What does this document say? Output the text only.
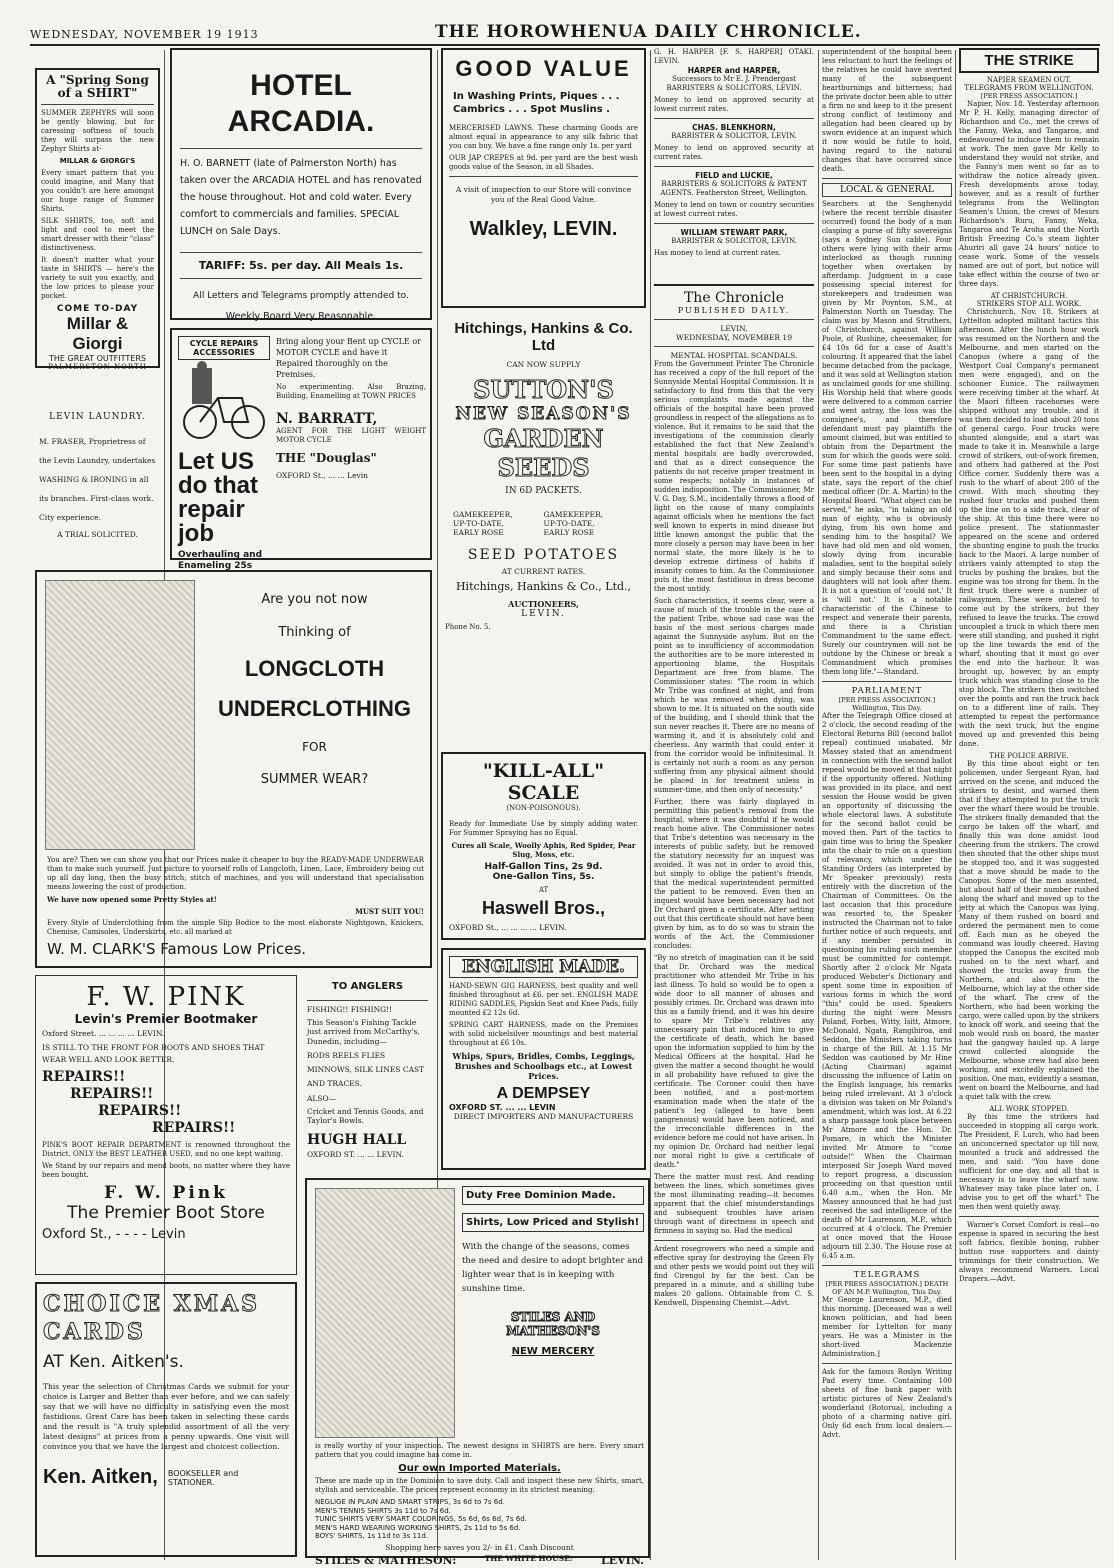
WEDNESDAY, NOVEMBER 19 1913	THE HOROWHENUA DAILY CHRONICLE.
A "Spring Song of a SHIRT"

SUMMER ZEPHYRS will soon be gently blowing, but for caressing softness of touch they will surpass the new Zephyr Shirts at-

MILLAR & GIORGI'S

Every smart pattern that you could imagine, and Many that you couldn't are here amongst our huge range of Summer Shirts.

SILK SHIRTS, too, soft and light and cool to meet the smart dresser with their "class" distinctiveness.

It doesn't matter what your taste in SHIRTS — here's the variety to suit you exactly, and the low prices to please your pocket.

COME TO-DAY
Millar & Giorgi
THE GREAT OUTFITTERS
PALMERSTON NORTH
LEVIN LAUNDRY.

M. FRASER, Proprietress of the Levin Laundry, undertakes WASHING & IRONING in all its branches. First-class work. City experience.

A TRIAL SOLICITED.
HOTEL ARCADIA.

H. O. BARNETT (late of Palmerston North) has taken over the ARCADIA HOTEL and has renovated the house throughout. Hot and cold water. Every comfort to commercials and families. SPECIAL LUNCH on Sale Days.

TARIFF: 5s. per day. All Meals 1s.
All Letters and Telegrams promptly attended to.
Weekly Board Very Reasonable.
CYCLE REPAIRS ACCESSORIES
Let US do that repair job
Overhauling and Enameling 25s

Bring along your Bent up CYCLE or MOTOR CYCLE and have it Repaired thoroughly on the Premises.

No experimenting. Also Brazing, Building, Enamelling at TOWN PRICES

N. BARRATT,

AGENT FOR THE LIGHT WEIGHT MOTOR CYCLE

THE "Douglas"
OXFORD St., ... ... Levin
Are you not now
Thinking of
LONGCLOTH
UNDERCLOTHING
FOR
SUMMER WEAR?

You are? Then we can show you that our Prices make it cheaper to buy the READY-MADE UNDERWEAR than to make such yourself. Just picture to yourself rolls of Longcloth, Linen, Lace, Embroidery being cut up all day long, then the busy stitch, stitch of machines, and you will understand that specialisation means lowering the cost of production.

We have now opened some Pretty Styles at!

MUST SUIT YOU!

Every Style of Underclothing from the simple Slip Bodice to the most elaborate Nightgown, Knickers, Chemise, Camisoles, Underskirts, etc. all marked at

W. M. CLARK'S Famous Low Prices.
F. W. PINK
Levin's Premier Bootmaker
Oxford Street. ... ... ... ... LEVIN.

IS STILL TO THE FRONT FOR BOOTS AND SHOES THAT WEAR WELL AND LOOK BETTER.

REPAIRS!!
REPAIRS!!
REPAIRS!!
REPAIRS!!

PINK'S BOOT REPAIR DEPARTMENT is renowned throughout the District. ONLY the BEST LEATHER USED, and no one kept waiting.

We Stand by our repairs and mend boots, no matter where they have been bought.

F. W. Pink
The Premier Boot Store
Oxford St., - - - - Levin
TO ANGLERS

FISHING!! FISHING!!

This Season's Fishing Tackle just arrived from McCarthy's, Dunedin, including—

RODS REELS FLIES MINNOWS, SILK LINES CAST AND TRACES.

ALSO—

Cricket and Tennis Goods, and Taylor's Bowls.

HUGH HALL
OXFORD ST. ... ... LEVIN.
CHOICE XMAS CARDS
AT Ken. Aitken's.

This year the selection of Christmas Cards we submit for your choice is Larger and Better than ever before, and we can safely say that we will have no difficulty in satisfying even the most fastidious. Great Care has been taken in selecting these cards and the result is "A truly splendid assortment of all the very latest designs" at prices from a penny upwards. One visit will convince you that we have the largest and choicest collection.

Ken. Aitken, BOOKSELLER and STATIONER.
GOOD VALUE
In Washing Prints, Piques . . . Cambrics . . . Spot Muslins .

MERCERISED LAWNS. These charming Goods are almost equal in appearance to any silk fabric that you can buy. We have a fine range only 1s. per yard

OUR JAP CREPES at 9d. per yard are the best wash goods value of the Season, in all Shades.

A visit of inspection to our Store will convince you of the Real Good Value.

Walkley, LEVIN.
Hitchings, Hankins & Co. Ltd
CAN NOW SUPPLY
SUTTON'S
NEW SEASON'S
GARDEN SEEDS
IN 6D PACKETS.
GAMEKEEPER,	GAMEKEEPER,
UP-TO-DATE,	UP-TO-DATE,
EARLY ROSE	EARLY ROSE
SEED POTATOES
AT CURRENT RATES.
Hitchings, Hankins & Co., Ltd.,
AUCTIONEERS,
LEVIN.
Phone No. 5.
"KILL-ALL" SCALE
(NON-POISONOUS).

Ready for Immediate Use by simply adding water. For Summer Spraying has no Equal.

Cures all Scale, Woolly Aphis, Red Spider, Pear Slug, Moss, etc.

Half-Gallon Tins, 2s 9d.
One-Gallon Tins, 5s.
AT
Haswell Bros.,
OXFORD St., ... ... ... ... LEVIN.
ENGLISH MADE.

HAND-SEWN GIG HARNESS, best quality and well finished throughout at £6. per set. ENGLISH MADE RIDING SADDLES, Pigskin Seat and Knee Pads, fully mounted £2 12s 6d.

SPRING CART HARNESS, made on the Premises with solid nickelsilver mountings and best material throughout at £6 10s.

Whips, Spurs, Bridles, Combs, Leggings, Brushes and Schoolbags etc., at Lowest Prices.

A DEMPSEY
OXFORD ST. ... ... LEVIN
DIRECT IMPORTERS AND MANUFACTURERS
Duty Free Dominion Made.
Shirts, Low Priced and Stylish!

With the change of the seasons, comes the need and desire to adopt brighter and lighter wear that is in keeping with sunshine time.

STILES AND MATHESON'S
NEW MERCERY

is really worthy of your inspection. The newest designs in SHIRTS are here. Every smart pattern that you could imagine has come in.

Our own Imported Materials.

These are made up in the Dominion to save duty. Call and inspect these new Shirts, smart, stylish and serviceable. The prices represent economy in its strictest meaning.

NEGLIGE IN PLAIN AND SMART STRIPS, 3s 6d to 7s 6d.
MEN'S TENNIS SHIRTS 3s 11d to 7s 6d.
TUNIC SHIRTS VERY SMART COLORINGS, 5s 6d, 6s 6d, 7s 6d.
MEN'S HARD WEARING WORKING SHIRTS, 2s 11d to 5s 6d.
BOYS' SHIRTS, 1s 11d to 3s 11d.
Shopping here saves you 2/- in £1. Cash Discount
STILES & MATHESON:	THE WHITE HOUSE:	LEVIN.
G. H. HARPER [F. S. HARPER] OTAKI. LEVIN.
HARPER and HARPER,

Successors to Mr E. J. Prendergast BARRISTERS & SOLICITORS, LEVIN.

Money to lend on approved security at lowest current rates.

CHAS. BLENKHORN,

BARRISTER & SOLICITOR, LEVIN.

Money to lend on approved security at current rates.

FIELD and LUCKIE,

BARRISTERS & SOLICITORS & PATENT AGENTS. Featherston Street, Wellington.

Money to lend on town or country securities at lowest current rates.

WILLIAM STEWART PARK,

BARRISTER & SOLICITOR, LEVIN.

Has money to lend at current rates.

The Chronicle
PUBLISHED DAILY.
LEVIN,
WEDNESDAY, NOVEMBER 19
MENTAL HOSPITAL SCANDALS.

From the Government Printer The Chronicle has received a copy of the full report of the Sunnyside Mental Hospital Commission. It is satisfactory to find from this that the very serious complaints made against the officials of the hospital have been proved groundless in respect of the allegations as to violence. But it remains to be said that the investigations of the commission clearly established the fact that New Zealand's mental hospitals are badly overcrowded, and that as a direct consequence the patients do not receive proper treatment in some respects; notably in instances of sudden indisposition. The Commissioner, Mr V. G. Day, S.M., incidentally throws a flood of light on the cause of many complaints against officials when he mentions the fact well known to experts in mind disease but little known amongst the public that the more closely a person may have been in her normal state, the more likely is he to develop extreme dirtiness of habits if insanity comes to him. As the Commissioner puts it, the most fastidious in dress become the most untidy.

Such characteristics, it seems clear, were a cause of much of the trouble in the case of the patient Tribe, whose sad case was the basis of the most serious charges made against the Sunnyside asylum. But on the point as to insufficiency of accommodation the authorities are to be more interested in apportioning blame, the Hospitals Department are free from blame. The Commissioner states: "The room in which Mr Tribe was confined at night, and from which he was removed when dying, was shown to me. It is situated on the south side of the building, and I should think that the sun never reaches it. There are no means of warming it, and it is absolutely cold and cheerless. Any warmth that could enter it from the corridor would be infinitesimal. It is certainly not such a room as any person suffering from any physical ailment should be placed in for treatment unless in summer-time, and then only of necessity."

Further, there was fairly displayed in permitting this patient's removal from the hospital, where it was doubtful if he would reach home alive. The Commissioner notes that Tribe's detention was necessary in the interests of public safety, but he removed the statutory necessity for an inquest was avoided. It was not in order to avoid this, but simply to oblige the patient's friends, that the medical superintendent permitted the patient to be removed. Even then an inquest would have been necessary had not Dr Orchard given a certificate. After setting out that this certificate should not have been given by him, as to do so was to strain the words of the Act, the Commissioner concludes:

"By no stretch of imagination can it be said that Dr. Orchard was the medical practitioner who attended Mr Tribe in his last illness. To hold so would be to open a wide door to all manner of abuses and possibly crimes. Dr. Orchard was drawn into this as a family friend, and it was his desire to spare Mr Tribe's relatives any unnecessary pain that induced him to give the certificate of death, which he based upon the information supplied to him by the Medical Officers at the hospital. Had he given the matter a second thought he would in all probability have refused to give the certificate. The Coroner could then have been notified, and a post-mortem examination made when the state of the patient's leg (alleged to have been gangrenous) would have been noticed, and the irreconcilable differences in the evidence before me could not have arisen. In my opinion Dr. Orchard had neither legal nor moral right to give a certificate of death."

There the matter must rest. And reading between the lines, which sometimes gives the most illuminating reading—it becomes apparent that the chief misunderstandings and subsequent troubles have arisen through want of directness in speech and firmness in saying no. Had the medical

Ardent rosegrowers who need a simple and effective spray for destroying the Green Fly and other pests we would point out they will find Cirengol by far the best. Can be prepared in a minute, and a shilling tube makes 20 gallons. Obtainable from C. S. Kendwell, Dispensing Chemist.—Advt.

superintendent of the hospital been less reluctant to hurt the feelings of the relatives he could have averted many of the subsequent heartburnings and bitterness; had the private doctor been able to utter a firm no and keep to it the present strong conflict of testimony and allegation had been cleared up by sworn evidence at an inquest which it now would be futile to hold, having regard to the natural changes that have occurred since death.

LOCAL & GENERAL

Searchers at the Senghenydd (where the recent terrible disaster occurred) found the body of a man clasping a purse of fifty sovereigns (says a Sydney Sun cable). Four others were lying with their arms interlocked as though running together when overtaken by afterdamp. Judgment in a case possessing special interest for storekeepers and tradesmen was given by Mr Poynton, S.M., at Palmerston North on Tuesday. The claim was by Mason and Struthers, of Christchurch, against William Poole, of Rushine, cheesemaker, for £4 10s 6d for a case of Asatt's colouring. It appeared that the label became detached from the package, and it was sold at Wellington station as unclaimed goods for one shilling. His Worship held that where goods were delivered to a common carrier and went astray, the loss was the consignee's, and therefore defendant must pay plaintiffs the amount claimed, but was entitled to obtain from the Department the sum for which the goods were sold. For some time past patients have been sent to the hospital in a dying state, says the report of the chief medical officer (Dr. A. Martin) to the Hospital Board. "What object can be served," he asks, "in taking an old man of eighty, who is obviously dying, from his own home and sending him to the hospital? We have had old men and old women, slowly dying from incurable maladies, sent to the hospital solely and simply because their sons and daughters will not look after them. It is not a question of 'could not.' It is 'will not.' It is a notable characteristic of the Chinese to respect and venerate their parents, and there is a Christian Commandment to the same effect. Surely our countrymen will not be outdone by the Chinese or break a Commandment which promises them long life."—Standard.

PARLIAMENT
[PER PRESS ASSOCIATION.] Wellington, This Day.

After the Telegraph Office closed at 2 o'clock, the second reading of the Electoral Returns Bill (second ballot repeal) continued unabated. Mr Massey stated that an amendment in connection with the second ballot repeal would be moved at that night if the opportunity offered. Nothing was provided in its place, and next session the House would be given an opportunity of discussing the whole electoral laws. A substitute for the second ballot could be moved then. Part of the tactics to gain time was to bring the Speaker into the chair to rule on a question of relevancy, which under the Standing Orders (as interpreted by Mr Speaker previously) rests entirely with the discretion of the Chairman of Committees. On the last occasion that this procedure was resorted to, the Speaker instructed the Chairman not to take further notice of such requests, and if any member persisted in questioning his ruling such member must be committed for contempt. Shortly after 2 o'clock Mr Ngata produced Webster's Dictionary and spent some time in exposition of various forms in which the word "this" could be used. Speakers during the night were Messrs Poland, Forbes, Witty, Isitt, Atmore, McDonald, Ngata, Rangihiroa, and Seddon, the Ministers taking turns in charge of the Bill. At 1.15 Mr Seddon was cautioned by Mr Hine (Acting Chairman) against discussing the influence of Latin on the English language, his remarks being ruled irrelevant. At 3 o'clock a division was taken on Mr Poland's amendment, which was lost. At 6.22 a sharp passage took place between Mr Atmore and the Hon. Dr. Pomare, in which the Minister invited Mr Atmore to "come outside!" When the Chairman interposed Sir Joseph Ward moved to report progress, a discussion proceeding on that question until 6.40 a.m., when the Hon. Mr Massey announced that he had just received the sad intelligence of the death of Mr Laurenson, M.P., which occurred at 4 o'clock. The Premier at once moved that the House adjourn till 2.30. The House rose at 6.45 a.m.

TELEGRAMS
[PER PRESS ASSOCIATION.] DEATH OF AN M.P. Wellington, This Day.

Mr George Laurenson, M.P., died this morning. [Deceased was a well known politician, and had been member for Lyttelton for many years. He was a Minister in the short-lived Mackenzie Administration.]

Ask for the famous Roslyn Writing Pad every time. Containing 100 sheets of fine bank paper with artistic pictures of New Zealand's wonderland (Rotorua), including a photo of a charming native girl. Only 6d each from local dealers.—Advt.

THE STRIKE
NAPIER SEAMEN OUT.
TELEGRAMS FROM WELLINGTON.
[PER PRESS ASSOCIATION.]

Napier, Nov. 18. Yesterday afternoon Mr P. H. Kelly, managing director of Richardson and Co., met the crews of the Fanny, Weka, and Tangaroa, and endeavoured to induce them to remain at work. The men gave Mr Kelly to understand they would not strike, and the Fanny's men went so far as to withdraw the notice already given. Fresh developments arose today, however, and as a result of further telegrams from the Wellington Seamen's Union, the crews of Messrs Richardson's Ruru, Fanny, Weka, Tangaroa and Te Aroha and the North British Freezing Co.'s steam lighter Ahuriri all gave 24 hours' notice to cease work. Some of the vessels named are out of port, but notice will take effect within the course of two or three days.

AT CHRISTCHURCH.
STRIKERS STOP ALL WORK.

Christchurch, Nov. 18. Strikers at Lyttelton adopted militant tactics this afternoon. After the lunch hour work was resumed on the Northern and the Melbourne, and men started on the Canopus (where a gang of the Westport Coal Company's permanent men were engaged), and on the schooner Eunice. The railwaymen were receiving timber at the wharf. At the Maori fifteen racehorses were shipped without any trouble, and it was then decided to load about 20 tons of general cargo. Four trucks were shunted alongside, and a start was made to take it in. Meanwhile a large crowd of strikers, out-of-work firemen, and others had gathered at the Post Office corner. Suddenly there was a rush to the wharf of about 200 of the crowd. With much shouting they rushed four trucks and pushed them up the line on to a side track, clear of the ship. At this time there were no police present. The stationmaster appeared on the scene and ordered the shunting engine to push the trucks back to the Maori. A large number of strikers vainly attempted to stop the trucks by pushing the brakes, but the engine was too strong for them. In the first truck there were a number of railwaymen. These were ordered to come out by the strikers, but they refused to leave the trucks. The crowd uncoupled a truck in which there men were still standing, and pushed it right up the line towards the end of the wharf, shouting that it must go over the end into the harbour. It was brought up, however, by an empty truck which was standing close to the stop block. The strikers then switched over the points and ran the truck back on to a different line of rails. They attempted to repeat the performance with the next truck, but the engine moved up and prevented this being done.

THE POLICE ARRIVE.

By this time about eight or ten policemen, under Sergeant Ryan, had arrived on the scene, and induced the strikers to desist, and warned them that if they attempted to put the truck over the wharf there would be trouble. The strikers finally demanded that the cargo be taken off the wharf, and finally this was done amidst loud cheering from the strikers. The crowd then shouted that the other ships must be stopped too, and it was suggested that a move should be made to the Canopus. Some of the men assented, but about half of their number rushed along the wharf and moved up to the jetty at which the Canopus was lying. Many of them rushed on board and ordered the permanent men to come off. Each man as he obeyed the command was loudly cheered. Having stopped the Canopus the excited mob rushed on to the next wharf, and showed the trucks away from the Northern, and also from the Melbourne, which lay at the other side of the wharf. The crew of the Northern, who had been working the cargo, were called upon by the strikers to knock off work, and seeing that the mob would rush on board, the master had the gangway hauled up. A large crowd collected alongside the Melbourne, whose crew had also been working, and excitedly explained the position. One man, evidently a seaman, went on board the Melbourne, and had a quiet talk with the crew.

ALL WORK STOPPED.

By this time the strikers had succeeded in stopping all cargo work. The President, F. Lurch, who had been an unconcerned spectator up till now, mounted a truck and addressed the men, and said: "You have done sufficient for one day, and all that is necessary is to leave the wharf now. Whatever may take place later on, I advise you to get off the wharf." The men then went quietly away.

Warner's Corset Comfort is real—no expense is spared in securing the best soft fabrics, flexible boning, rubber button rose supporters and dainty trimmings for their construction. We always recommend Warners. Local Drapers.—Advt.
